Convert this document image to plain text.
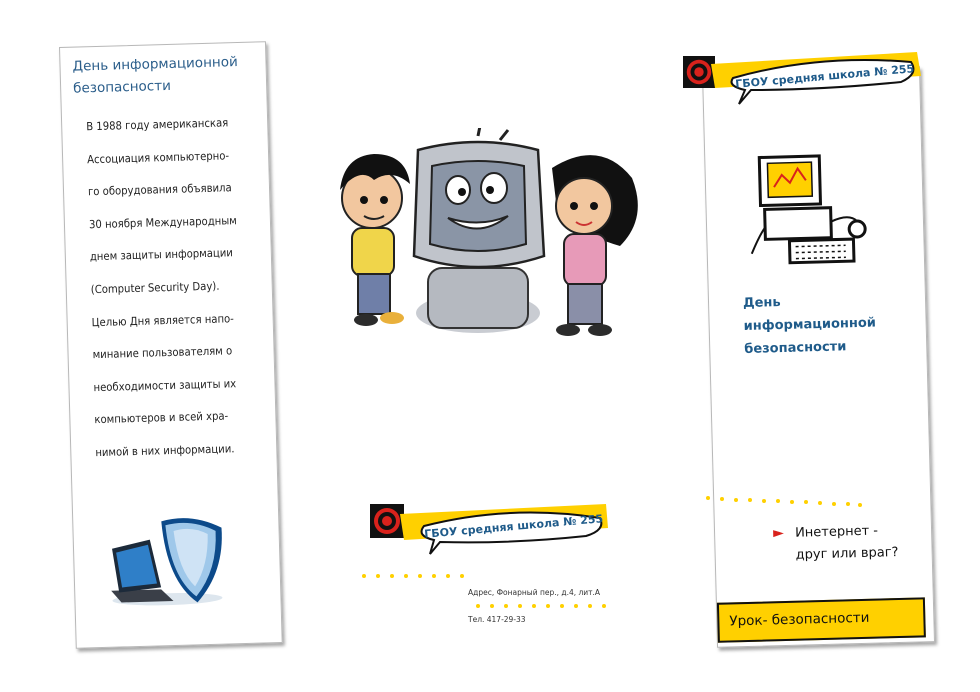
День информационной безопасности
В 1988 году американская
Ассоциация компьютерно-
го оборудования объявила
30 ноября Международным
днем защиты информации
(Computer Security Day).
Целью Дня является напо-
минание пользователям о
необходимости защиты их
компьютеров и всей хра-
нимой в них информации.
ГБОУ средняя школа № 255
Адрес, Фонарный пер., д.4, лит.А
Тел. 417-29-33
День информационной безопасности
► Инетернет -
друг или враг?
Урок- безопасности
ГБОУ средняя школа № 255
